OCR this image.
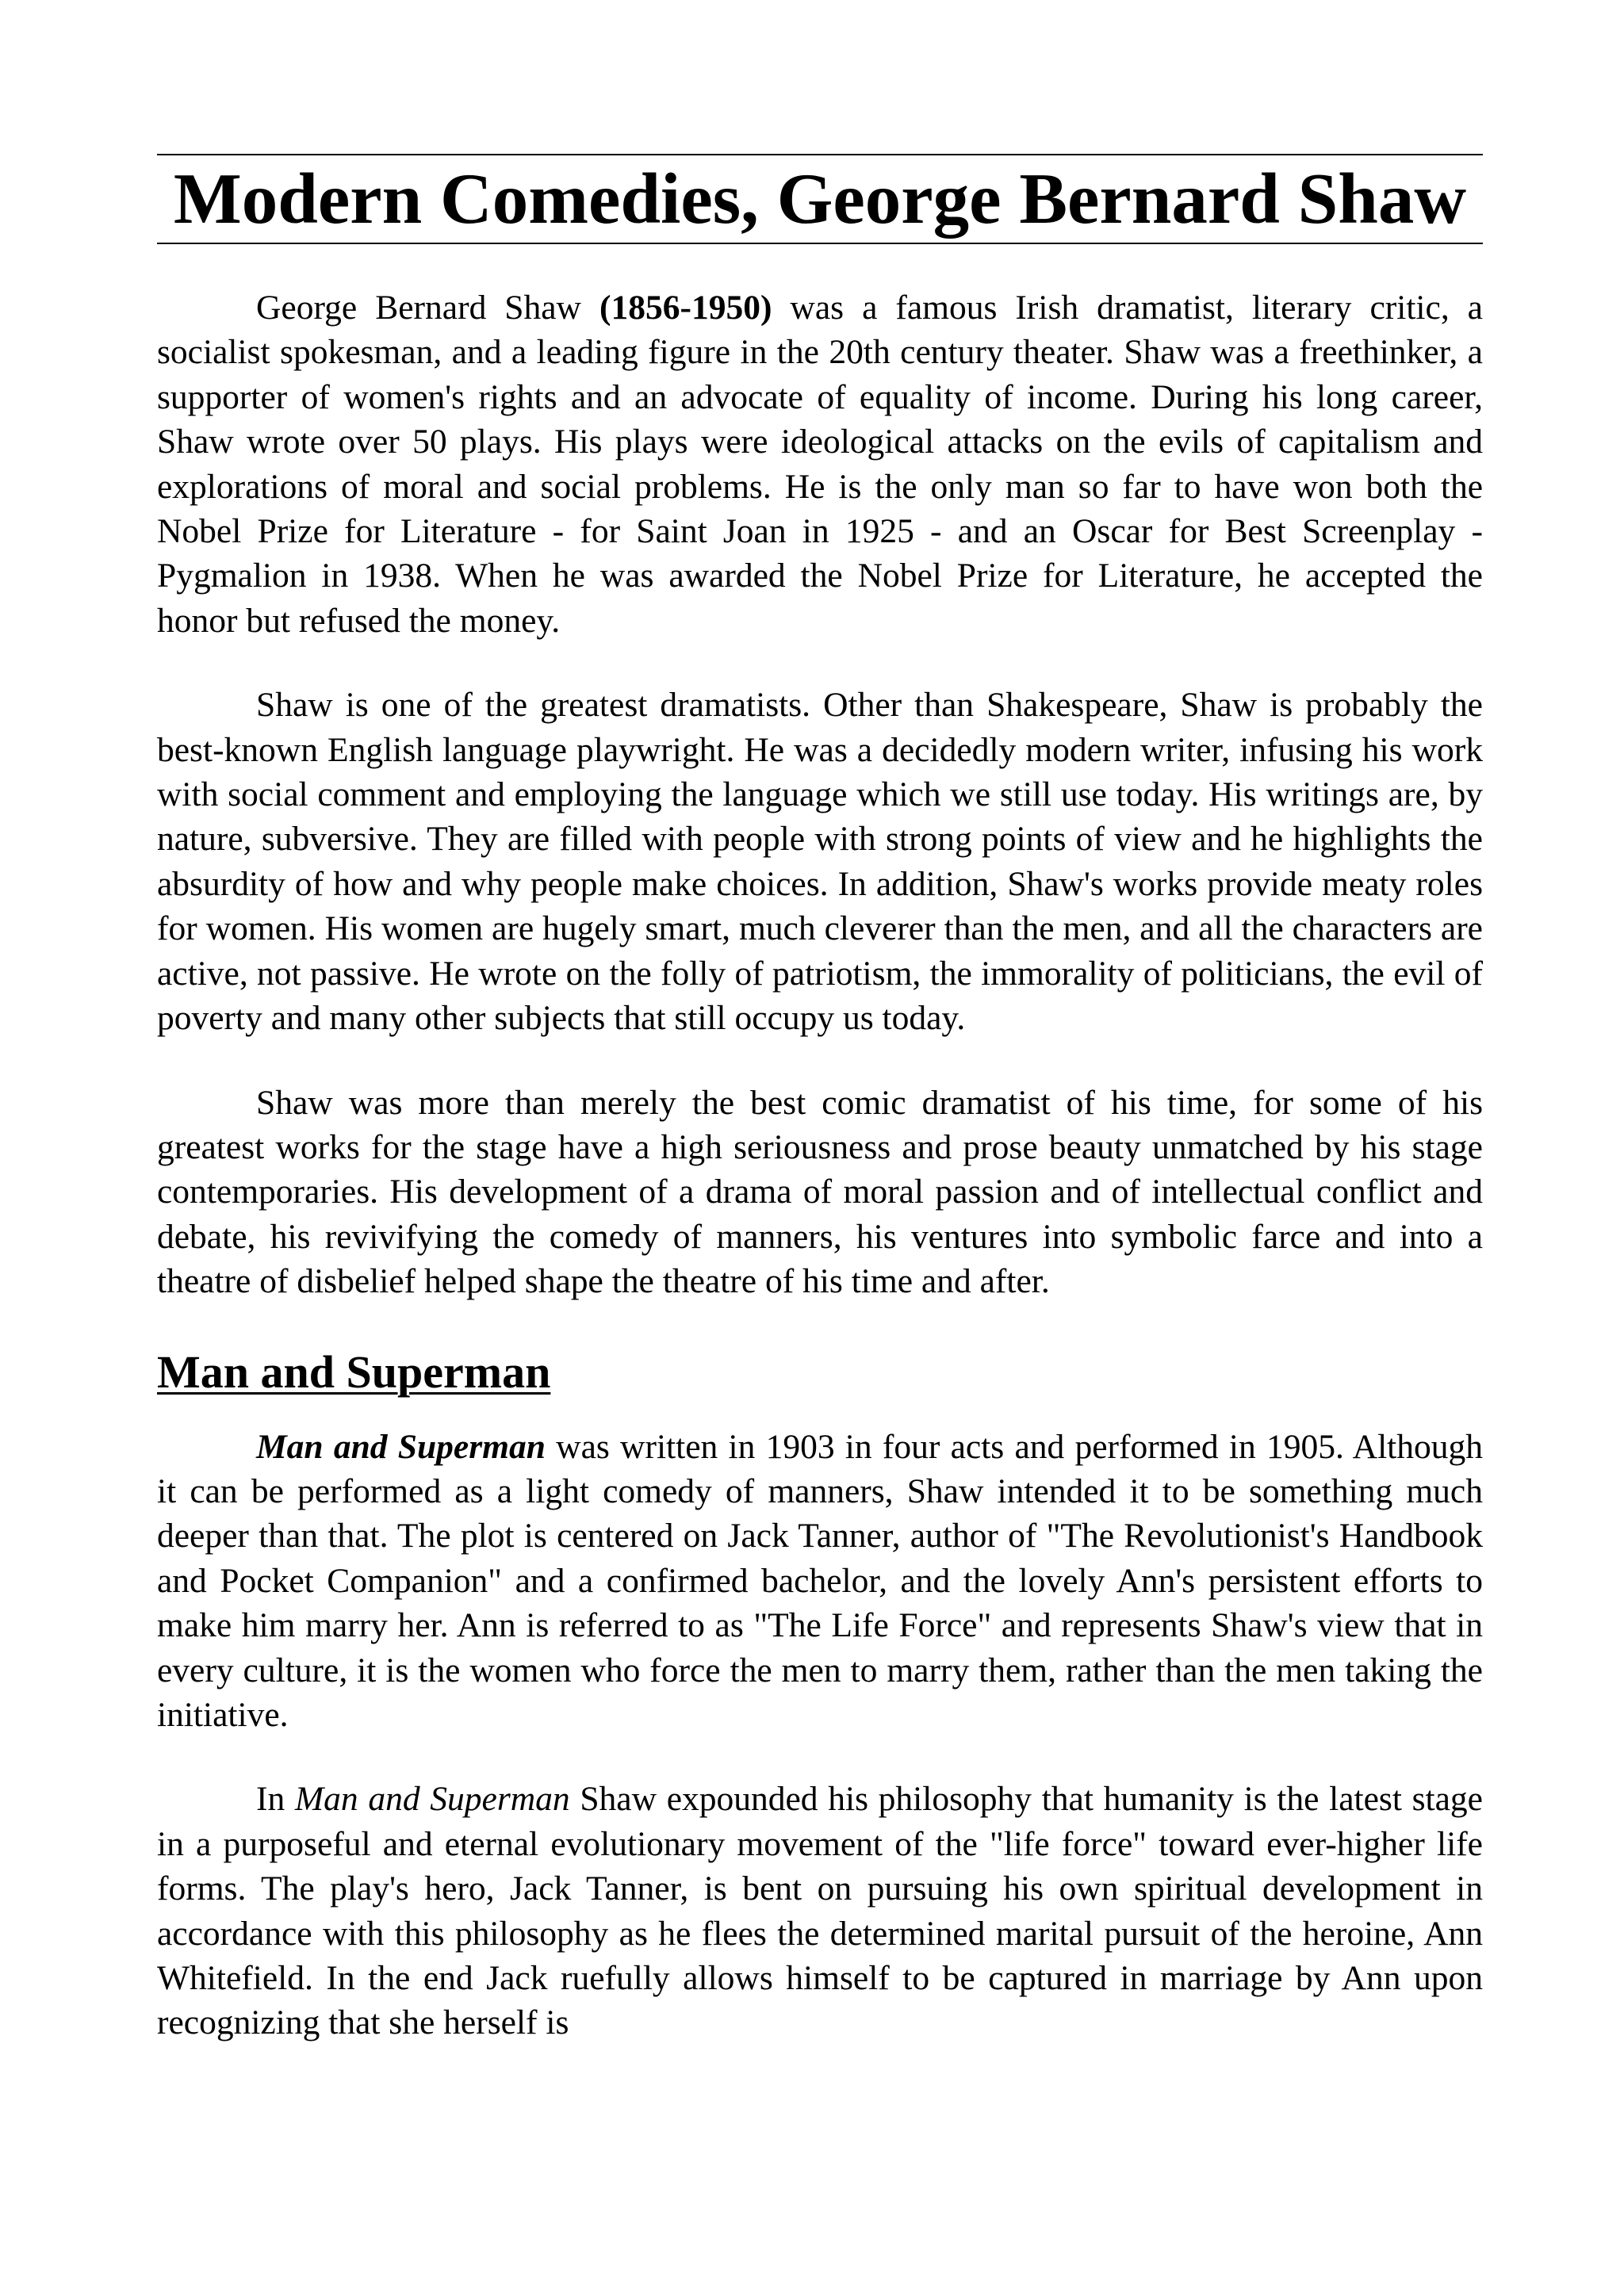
Modern Comedies, George Bernard Shaw

George Bernard Shaw (1856-1950) was a famous Irish dramatist, literary critic, a socialist spokesman, and a leading figure in the 20th century theater. Shaw was a freethinker, a supporter of women's rights and an advocate of equality of income. During his long career, Shaw wrote over 50 plays. His plays were ideological attacks on the evils of capitalism and explorations of moral and social problems. He is the only man so far to have won both the Nobel Prize for Literature - for Saint Joan in 1925 - and an Oscar for Best Screenplay - Pygmalion in 1938. When he was awarded the Nobel Prize for Literature, he accepted the honor but refused the money.

Shaw is one of the greatest dramatists. Other than Shakespeare, Shaw is probably the best-known English language playwright. He was a decidedly modern writer, infusing his work with social comment and employing the language which we still use today. His writings are, by nature, subversive. They are filled with people with strong points of view and he highlights the absurdity of how and why people make choices. In addition, Shaw's works provide meaty roles for women. His women are hugely smart, much cleverer than the men, and all the characters are active, not passive. He wrote on the folly of patriotism, the immorality of politicians, the evil of poverty and many other subjects that still occupy us today.

Shaw was more than merely the best comic dramatist of his time, for some of his greatest works for the stage have a high seriousness and prose beauty unmatched by his stage contemporaries. His development of a drama of moral passion and of intellectual conflict and debate, his revivifying the comedy of manners, his ventures into symbolic farce and into a theatre of disbelief helped shape the theatre of his time and after.

Man and Superman

Man and Superman was written in 1903 in four acts and performed in 1905. Although it can be performed as a light comedy of manners, Shaw intended it to be something much deeper than that. The plot is centered on Jack Tanner, author of "The Revolutionist's Handbook and Pocket Companion" and a confirmed bachelor, and the lovely Ann's persistent efforts to make him marry her. Ann is referred to as "The Life Force" and represents Shaw's view that in every culture, it is the women who force the men to marry them, rather than the men taking the initiative.

In Man and Superman Shaw expounded his philosophy that humanity is the latest stage in a purposeful and eternal evolutionary movement of the "life force" toward ever-higher life forms. The play's hero, Jack Tanner, is bent on pursuing his own spiritual development in accordance with this philosophy as he flees the determined marital pursuit of the heroine, Ann Whitefield. In the end Jack ruefully allows himself to be captured in marriage by Ann upon recognizing that she herself is
